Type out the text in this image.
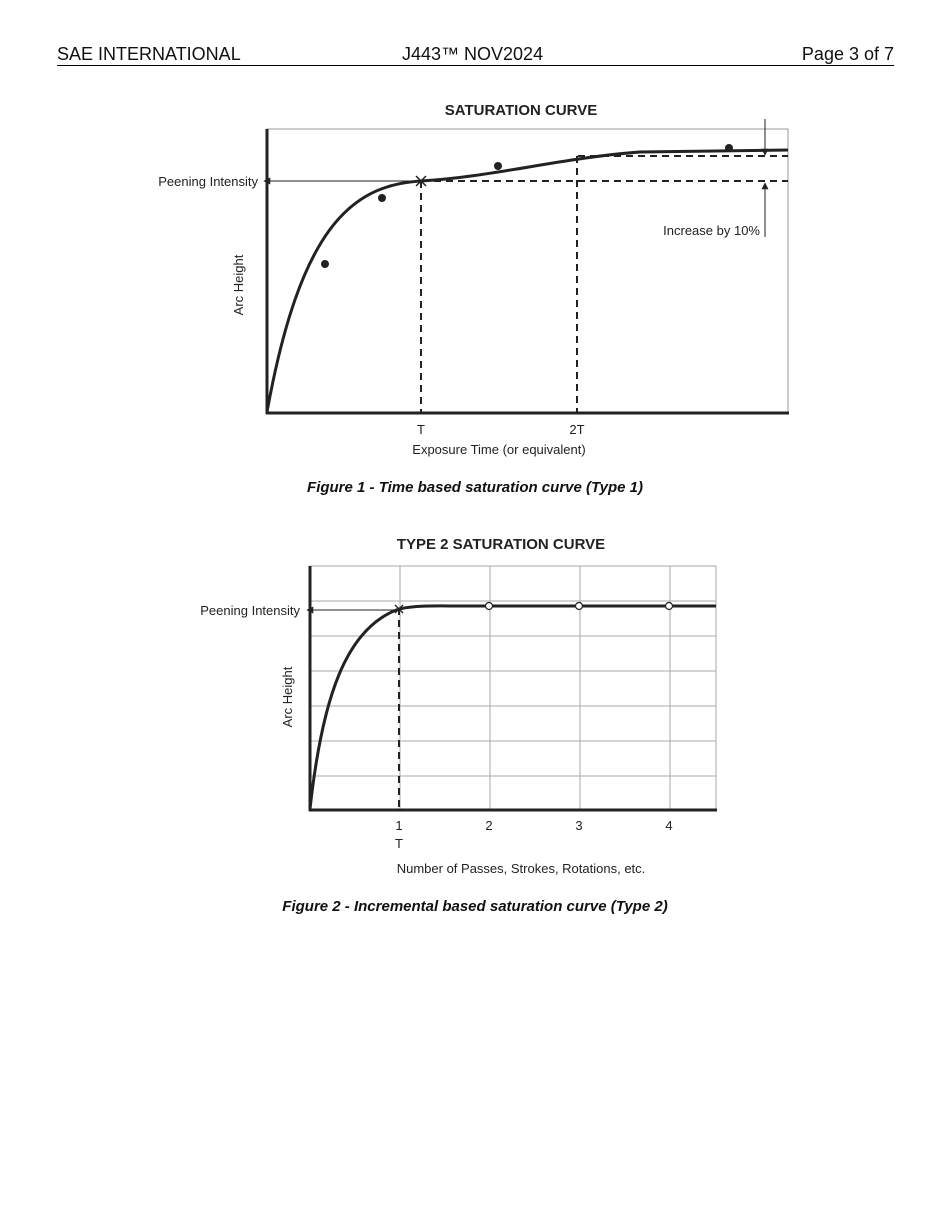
SAE INTERNATIONAL	J443™ NOV2024	Page 3 of 7
SATURATION CURVE
Peening Intensity
Increase by 10%
Arc Height
T	2T
Exposure Time (or equivalent)
Figure 1 - Time based saturation curve (Type 1)
TYPE 2 SATURATION CURVE
Peening Intensity
Arc Height
1	2	3	4
T
Number of Passes, Strokes, Rotations, etc.
Figure 2 - Incremental based saturation curve (Type 2)
